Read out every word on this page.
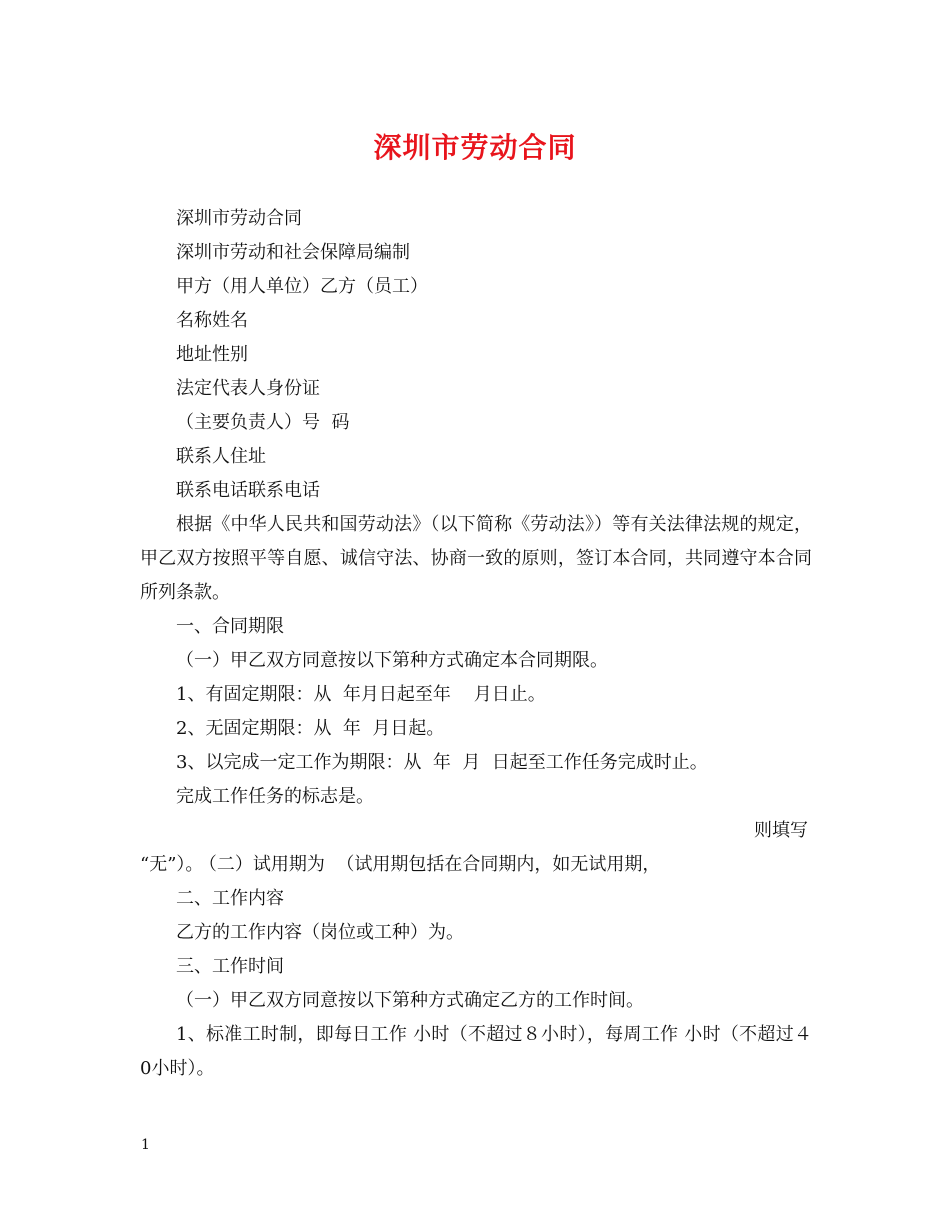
深圳市劳动合同
深圳市劳动合同
深圳市劳动和社会保障局编制
甲方（用人单位）乙方（员工）
名称姓名
地址性别
法定代表人身份证
（主要负责人）号  码
联系人住址
联系电话联系电话
根据《中华人民共和国劳动法》（以下简称《劳动法》）等有关法律法规的规定，甲乙双方按照平等自愿、诚信守法、协商一致的原则，签订本合同，共同遵守本合同所列条款。
一、合同期限
（一）甲乙双方同意按以下第种方式确定本合同期限。
1、有固定期限：从  年月日起至年    月日止。
2、无固定期限：从  年  月日起。
3、以完成一定工作为期限：从  年  月  日起至工作任务完成时止。
完成工作任务的标志是。

（二）试用期为  （试用期包括在合同期内，如无试用期，

则填写

“无”）。
二、工作内容
乙方的工作内容（岗位或工种）为。
三、工作时间
（一）甲乙双方同意按以下第种方式确定乙方的工作时间。
1、标准工时制，即每日工作 小时（不超过８小时），每周工作 小时（不超过４0小时）。
1
